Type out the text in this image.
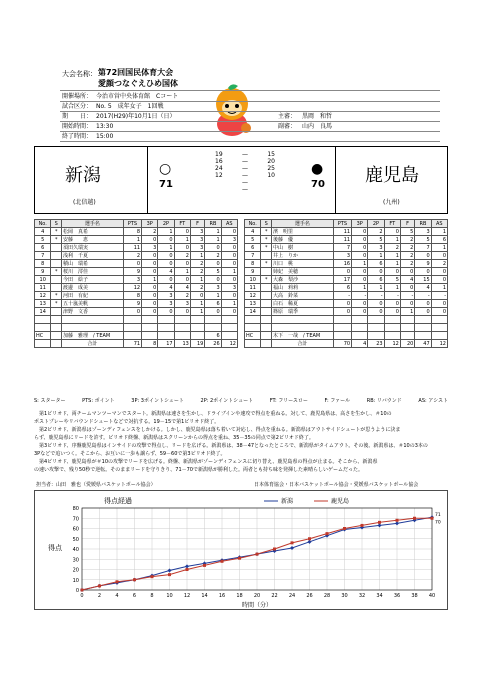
大会名称： 第72回国民体育大会
愛顔つなぐえひめ国体
開催場所： 今治市営中央体育館　Cコート
試合区分： No. 5　成年女子　1回戦
期　　日： 2017(H29)年10月1日（日）	主審： 黒岡　和哲
開始時間： 13:30	副審： 山内　良馬
終了時間： 15:00
新潟
(北信越)
○
71
19	—	15
16	—	20
24	—	25
12	—	10
—
—
●
70 鹿児島
(九州)
No.	S	選手名	PTS	3P	2P	FT	F	RB	AS
4	*	松岡　真希	8	2	1	0	3	1	0
5	*	安藤　　恵	1	0	0	1	3	1	3
6		須田久瑞実	11	3	1	0	3	0	0
7		浅利　千夏	2	0	0	2	1	2	0
8		積山　瑞希	0	0	0	0	2	0	0
9	*	桜川　澪佳	9	0	4	1	2	5	1
10		今田　絵子	3	1	0	0	1	0	0
11		渡邊　成美	12	0	4	4	2	3	3
12	*	河田　有紀	8	0	3	2	0	1	0
13	*	五十嵐美帆	9	0	3	3	1	6	1
14		津野　文香	0	0	0	0	1	0	0

HC		加藤　雅理　/ TEAM						6	
		合計	71	8	17	13	19	26	12
No.	S	選手名	PTS	3P	2P	FT	F	RB	AS
4	*	濱　明里	11	0	2	0	5	3	1
5	*	後藤　優	11	0	5	1	2	5	6
6	*	中山　樹	7	0	3	2	2	7	1
7		井上　りか	3	0	1	1	2	0	0
8	*	川口　桃	16	1	6	1	2	9	2
9		姉妃　美穂	0	0	0	0	0	0	0
10	*	大森　梨沙	17	0	6	5	4	15	0
11		福山　莉莉	6	1	1	1	0	4	1
12		大高　鈴菜	-	-	-	-	-	-	-
13		白石　稀夏	0	0	0	0	0	0	0
14		篠原　瑞季	0	0	0	0	1	0	0

HC		木下　一哉　/ TEAM							
		合計	70	4	23	12	20	47	12
S: スターター	PTS: ポイント	3P: 3ポイントシュート	2P: 2ポイントシュート	FT: フリースロー	F: ファール	RB: リバウンド	AS: アシスト
　第1ピリオド、両チームマンツーマンでスタート。新潟県は速さを生かし、ドライブインや速攻で得点を重ねる。対して、鹿児島県は、高さを生かし、＃10の
ポストプレーやリバウンドシュートなどで対抗する。19－15で第1ピリオド終了。
　第2ピリオド、新潟県はゾーンディフェンスをしかける。しかし、鹿児島県は落ち着いて対応し、得点を重ねる。新潟県はアウトサイドシュートが思うように決ま
らず、鹿児島県にリードを許す。ピリオド終盤、新潟県はスクリーンからの得点を重ね、35－35の同点で第2ピリオド終了。
　第3ピリオド、序盤鹿児島県はインサイドの攻撃で得点し、リードを広げる。新潟県は、38－47となったところで、新潟県がタイムアウト。その後、新潟県は、＃10の3本の
3Pなどで追いつく。そこから、お互いに一歩も譲らず、59－60で第3ピリオド終了。
　第4ピリオド、鹿児島県が＃10の攻撃でリードを広げる。終盤、新潟県がゾーンディフェンスに切り替え、鹿児島県の得点が止まる。そこから、新潟県
の速い攻撃で、残り50秒で逆転。そのままリードを守りきり、71－70で新潟県が勝利した。両者とも持ち味を発揮した素晴らしいゲームだった。
担当者：山田　雅也（愛媛県バスケットボール協会）	日本体育協会・日本バスケットボール協会・愛媛県バスケットボール協会
0
10
20
30
40
50
60
70
80
0	2	4	6	8	10 12 14 16 18 20 22 24 26 28 30 32 34 36 38 40
得点経過
得点
時間（分）
新潟	鹿児島
71
70
